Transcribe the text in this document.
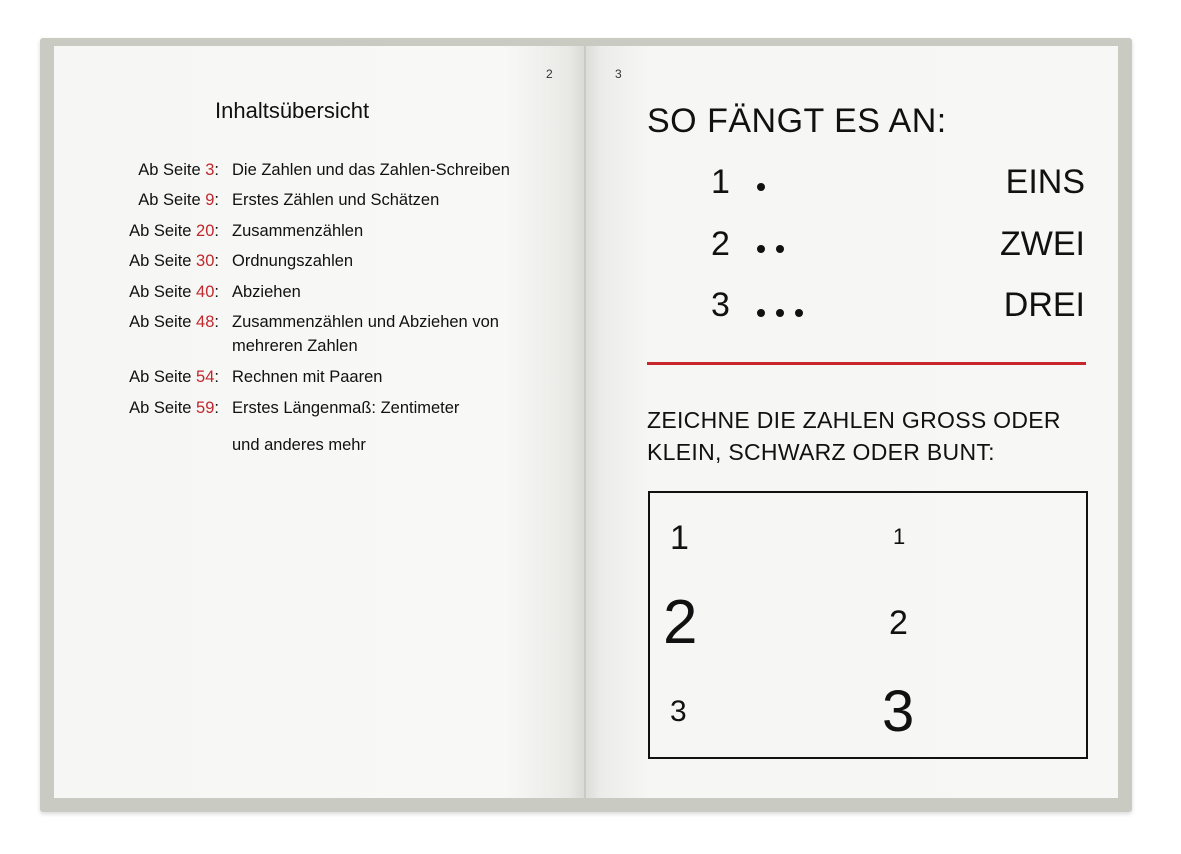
2	3
Inhaltsübersicht
Ab Seite 3: Die Zahlen und das Zahlen-Schreiben
Ab Seite 9: Erstes Zählen und Schätzen
Ab Seite 20: Zusammenzählen
Ab Seite 30: Ordnungszahlen
Ab Seite 40: Abziehen
Ab Seite 48: Zusammenzählen und Abziehen von mehreren Zahlen
Ab Seite 54: Rechnen mit Paaren
Ab Seite 59: Erstes Längenmaß: Zentimeter
und anderes mehr
SO FÄNGT ES AN:
1	EINS
2	ZWEI
3	DREI
ZEICHNE DIE ZAHLEN GROSS ODER
KLEIN, SCHWARZ ODER BUNT:
1	1
2	2
3	3
